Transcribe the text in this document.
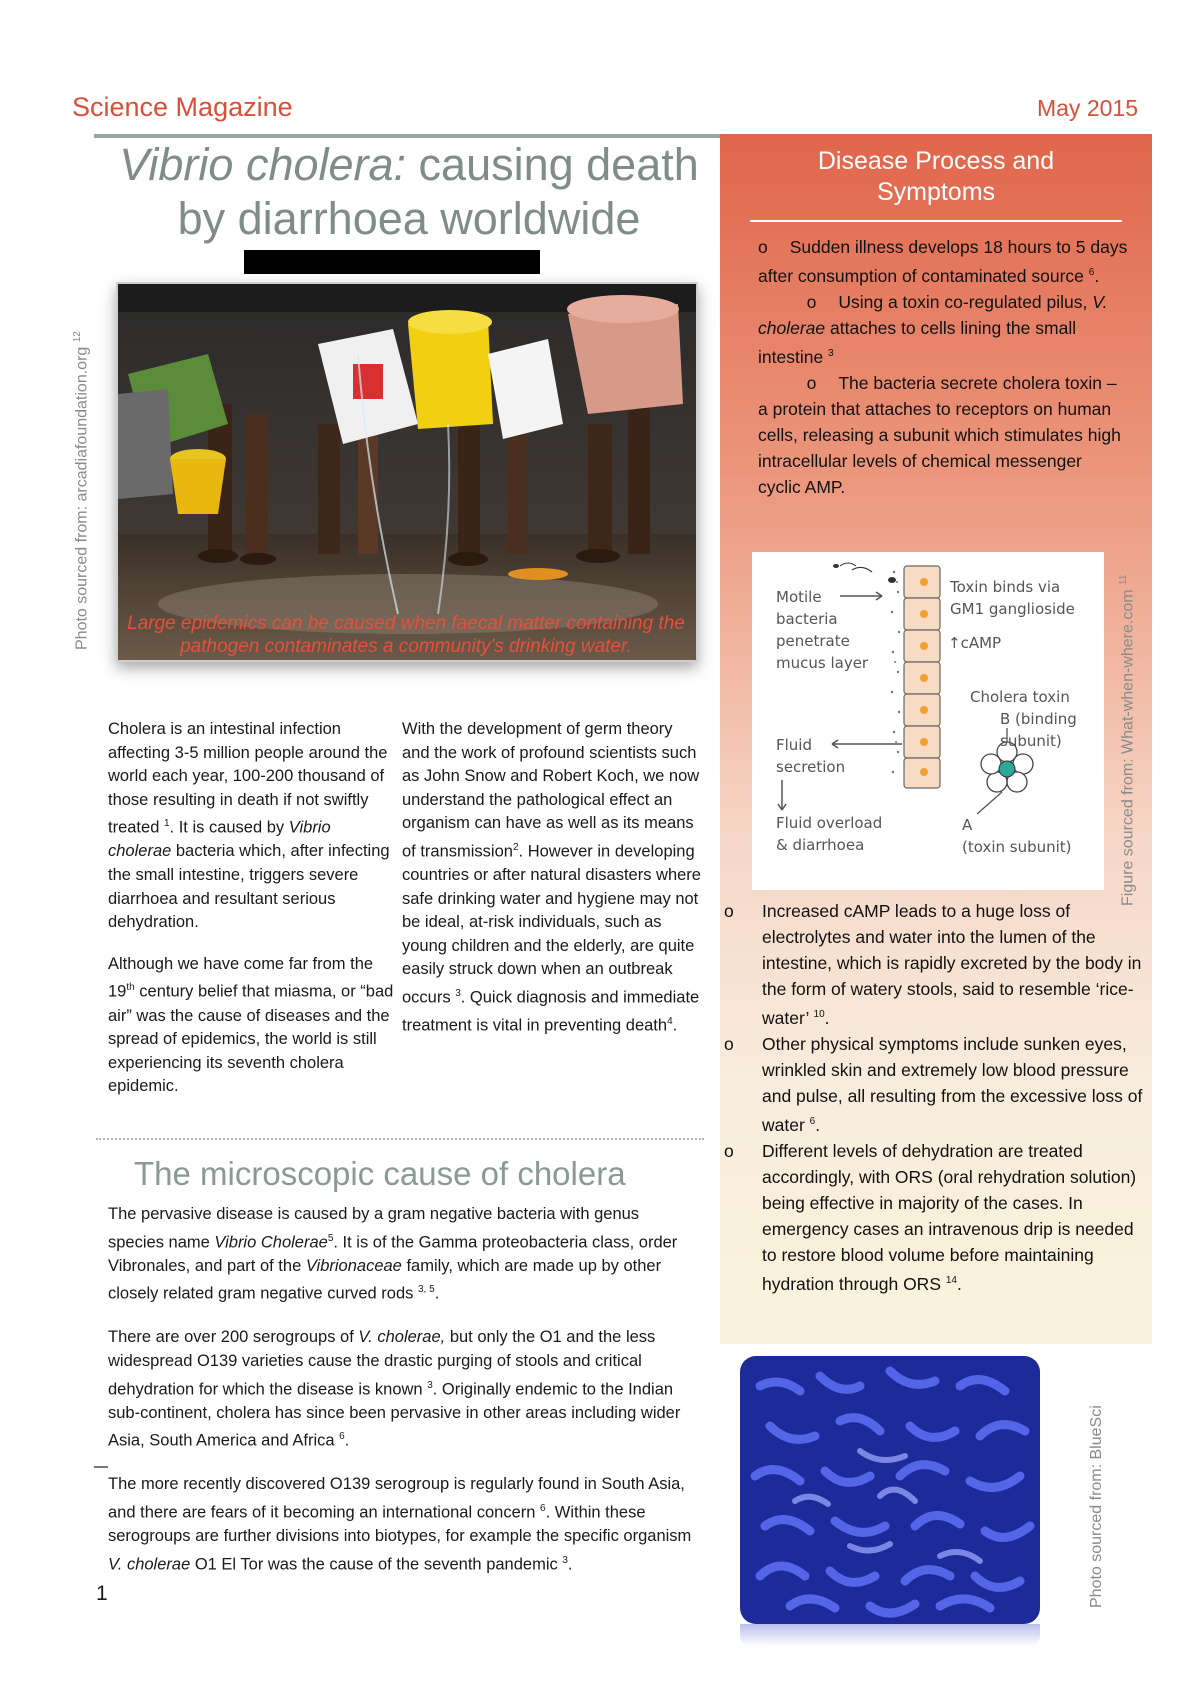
Science Magazine	May 2015
Vibrio cholera: causing death
by diarrhoea worldwide
Photo sourced from: arcadiafoundation.org $^{12}$
Large epidemics can be caused when faecal matter containing the pathogen contaminates a community's drinking water.

Cholera is an intestinal infection affecting 3-5 million people around the world each year, 100-200 thousand of those resulting in death if not swiftly treated $^1$. It is caused by Vibrio cholerae bacteria which, after infecting the small intestine, triggers severe diarrhoea and resultant serious dehydration.

Although we have come far from the 19th century belief that miasma, or “bad air” was the cause of diseases and the spread of epidemics, the world is still experiencing its seventh cholera epidemic.

With the development of germ theory and the work of profound scientists such as John Snow and Robert Koch, we now understand the pathological effect an organism can have as well as its means of transmission$^2$. However in developing countries or after natural disasters where safe drinking water and hygiene may not be ideal, at-risk individuals, such as young children and the elderly, are quite easily struck down when an outbreak occurs $^3$. Quick diagnosis and immediate treatment is vital in preventing death$^4$.

The microscopic cause of cholera

The pervasive disease is caused by a gram negative bacteria with genus species name Vibrio Cholerae$^5$. It is of the Gamma proteobacteria class, order Vibronales, and part of the Vibrionaceae family, which are made up by other closely related gram negative curved rods $^{3, 5}$.

There are over 200 serogroups of V. cholerae, but only the O1 and the less widespread O139 varieties cause the drastic purging of stools and critical dehydration for which the disease is known $^3$. Originally endemic to the Indian sub-continent, cholera has since been pervasive in other areas including wider Asia, South America and Africa $^6$.

The more recently discovered O139 serogroup is regularly found in South Asia, and there are fears of it becoming an international concern $^6$. Within these serogroups are further divisions into biotypes, for example the specific organism V. cholerae O1 El Tor was the cause of the seventh pandemic $^3$.

1
Disease Process and
Symptoms
o Sudden illness develops 18 hours to 5 days after consumption of contaminated source $^6$.
o Using a toxin co-regulated pilus, V. cholerae attaches to cells lining the small intestine $^3$
o The bacteria secrete cholera toxin – a protein that attaches to receptors on human cells, releasing a subunit which stimulates high intracellular levels of chemical messenger cyclic AMP.
Motile
bacteria
penetrate
mucus layer
Toxin binds via
GM1 ganglioside
↑cAMP
Cholera toxin
B (binding
subunit)
Fluid
secretion
Fluid overload
& diarrhoea
A
(toxin subunit)	Figure sourced from: What-when-where.com $^{11}$
o	Increased cAMP leads to a huge loss of electrolytes and water into the lumen of the intestine, which is rapidly excreted by the body in the form of watery stools, said to resemble ‘rice-water’ $^{10}$.
o	Other physical symptoms include sunken eyes, wrinkled skin and extremely low blood pressure and pulse, all resulting from the excessive loss of water $^6$.
o	Different levels of dehydration are treated accordingly, with ORS (oral rehydration solution) being effective in majority of the cases. In emergency cases an intravenous drip is needed to restore blood volume before maintaining hydration through ORS $^{14}$.
Photo sourced from: BlueSci
